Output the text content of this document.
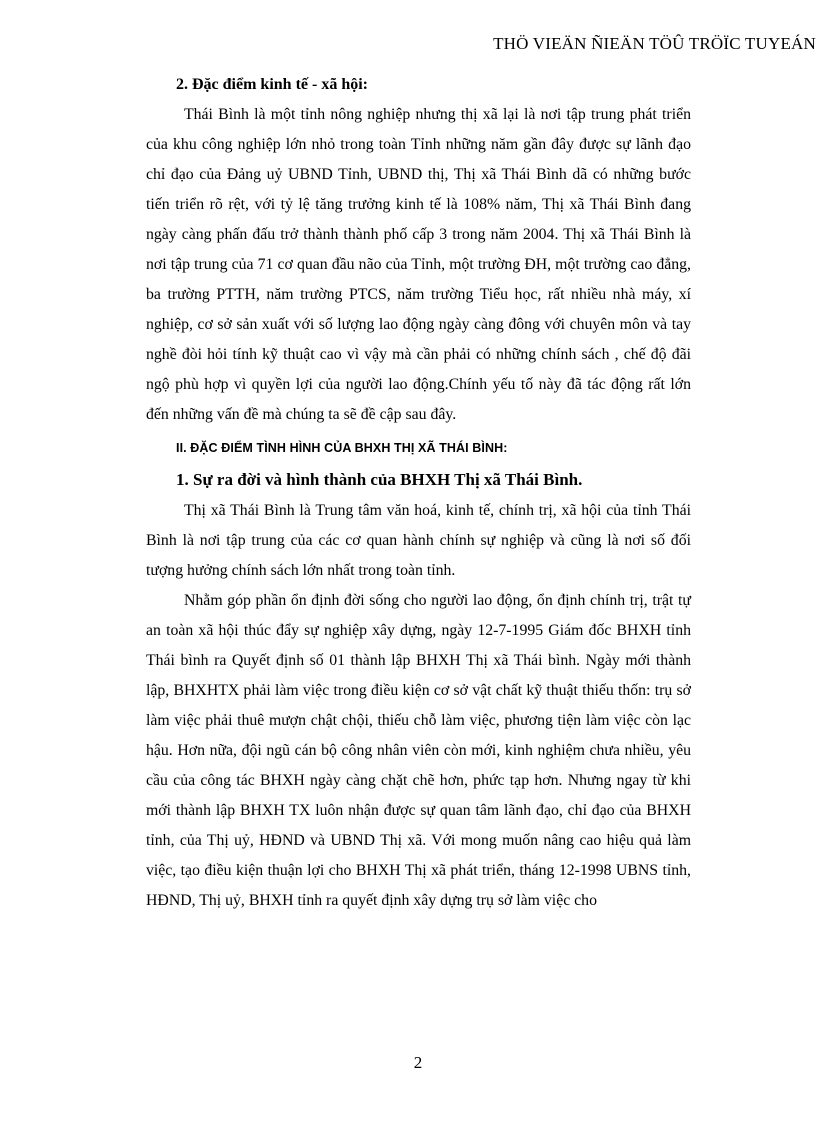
THÖ VIEÄN ÑIEÄN TÖÛ TRÖÏC TUYEÁN
2. Đặc điểm kinh tế - xã hội:

Thái Bình là một tỉnh nông nghiệp nhưng thị xã lại là nơi tập trung phát triển của khu công nghiệp lớn nhỏ trong toàn Tỉnh những năm gần đây được sự lãnh đạo chỉ đạo của Đảng uỷ UBND Tỉnh, UBND thị, Thị xã Thái Bình dã có những bước tiến triển rõ rệt, với tỷ lệ tăng trưởng kinh tế là 108% năm, Thị xã Thái Bình đang ngày càng phấn đấu trở thành thành phố cấp 3 trong năm 2004. Thị xã Thái Bình là nơi tập trung của 71 cơ quan đầu não của Tỉnh, một trường ĐH, một trường cao đẳng, ba trường PTTH, năm trường PTCS, năm trường Tiểu học, rất nhiều nhà máy, xí nghiệp, cơ sở sản xuất với số lượng lao động ngày càng đông với chuyên môn và tay nghề đòi hỏi tính kỹ thuật cao vì vậy mà cần phải có những chính sách , chế độ đãi ngộ phù hợp vì quyền lợi của người lao động.Chính yếu tố này đã tác động rất lớn đến những vấn đề mà chúng ta sẽ đề cập sau đây.

II. ĐẶC ĐIỂM TÌNH HÌNH CỦA BHXH THỊ XÃ THÁI BÌNH:
1. Sự ra đời và hình thành của BHXH Thị xã Thái Bình.

Thị xã Thái Bình là Trung tâm văn hoá, kinh tế, chính trị, xã hội của tỉnh Thái Bình là nơi tập trung của các cơ quan hành chính sự nghiệp và cũng là nơi số đối tượng hưởng chính sách lớn nhất trong toàn tỉnh.

Nhằm góp phần ổn định đời sống cho người lao động, ổn định chính trị, trật tự an toàn xã hội thúc đẩy sự nghiệp xây dựng, ngày 12-7-1995 Giám đốc BHXH tỉnh Thái bình ra Quyết định số 01 thành lập BHXH Thị xã Thái bình. Ngày mới thành lập, BHXHTX phải làm việc trong điều kiện cơ sở vật chất kỹ thuật thiếu thốn: trụ sở làm việc phải thuê mượn chật chội, thiếu chỗ làm việc, phương tiện làm việc còn lạc hậu. Hơn nữa, đội ngũ cán bộ công nhân viên còn mới, kinh nghiệm chưa nhiều, yêu cầu của công tác BHXH ngày càng chặt chẽ hơn, phức tạp hơn. Nhưng ngay từ khi mới thành lập BHXH TX luôn nhận được sự quan tâm lãnh đạo, chỉ đạo của BHXH tỉnh, của Thị uỷ, HĐND và UBND Thị xã. Với mong muốn nâng cao hiệu quả làm việc, tạo điều kiện thuận lợi cho BHXH Thị xã phát triển, tháng 12-1998 UBNS tỉnh, HĐND, Thị uỷ, BHXH tỉnh ra quyết định xây dựng trụ sở làm việc cho

2
